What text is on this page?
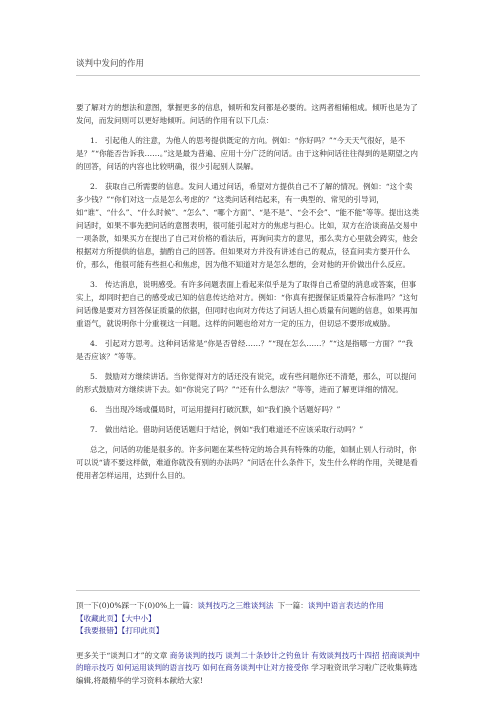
谈判中发问的作用

要了解对方的想法和意图，掌握更多的信息，倾听和发问都是必要的。这两者相辅相成。倾听也是为了发问，而发问则可以更好地倾听。问话的作用有以下几点：

1.　引起他人的注意，为他人的思考提供既定的方向。例如：“你好吗？”“今天天气很好，是不是？”“你能否告诉我……。”这是最为普遍、应用十分广泛的问话。由于这种问话往往得到的是期望之内的回答，问话的内容也比较明确，很少引起别人误解。

2.　获取自己所需要的信息。发问人通过问话，希望对方提供自己不了解的情况。例如：“这个卖多少钱？”“你们对这一点是怎么考虑的？”这类问话利结起来，有一典型的、常见的引导词，如“谁”、“什么”、“什么时候”、“怎么”、“哪个方面”、“是不是”、“会不会”、“能不能”等等。提出这类问话时，如果不事先把问话的意图表明，很可能引起对方的焦虑与担心。比如，双方在洽谈商品交易中一项条款，如果买方在提出了自己对价格的看法后，再询问卖方的意见，那么卖方心里就会踌实，他会根据对方所提供的信息，揣酌自己的回答。但如果对方并没有讲述自己的观点，径直问卖方要开什么价，那么，他很可能有些担心和焦虑，因为他不知道对方是怎么想的，会对他的开价做出什么反应。

3.　传达消息，说明感受。有许多问题表面上看起来似乎是为了取得自己希望的消息或答案，但事实上，却同时把自己的感受或已知的信息传达给对方。例如：“你真有把握保证质量符合标准吗？”这句问话像是要对方回答保证质量的依据，但同时也向对方传达了问话人担心质量有问题的信息，如果再加重语气，就说明你十分重视这一问题。这样的问题也给对方一定的压力，但切忌不要形成威胁。

4.　引起对方思考。这种问话常是“你是否曾经……？”“现在怎么……？”“这是指哪一方面？”“我是否应该？”等等。

5.　鼓励对方继续讲话。当你觉得对方的话还没有说完，或有些问题你还不清楚，那么，可以提问的形式鼓励对方继续讲下去。如“你说完了吗？”“还有什么想法？”等等，进而了解更详细的情况。

6.　当出现冷场或僵局时，可运用提问打破沉默，如“我们换个话题好吗？”

7.　做出结论。借助问话使话题归于结论，例如“我们难道还不应该采取行动吗？”

总之，问话的功能是很多的。许多问题在某些特定的场合具有特殊的功能，如制止别人行动时，你可以说“请不要这样做，难道你就没有别的办法吗？”问话在什么条件下，发生什么样的作用，关键是看使用者怎样运用，达到什么目的。

顶一下(0)0%踩一下(0)0%上一篇：谈判技巧之三维谈判法 下一篇：谈判中语言表达的作用
【收藏此页】【大中小】
【我要报错】【打印此页】
更多关于“谈判口才”的文章 商务谈判的技巧 谈判二十条妙计之钓鱼计 有效谈判技巧十四招 招商谈判中的暗示技巧 如何运用谈判的语言技巧 如何在商务谈判中让对方接受你 学习啦资讯学习啦广泛收集筛选编辑,将最精华的学习资料本献给大家!
